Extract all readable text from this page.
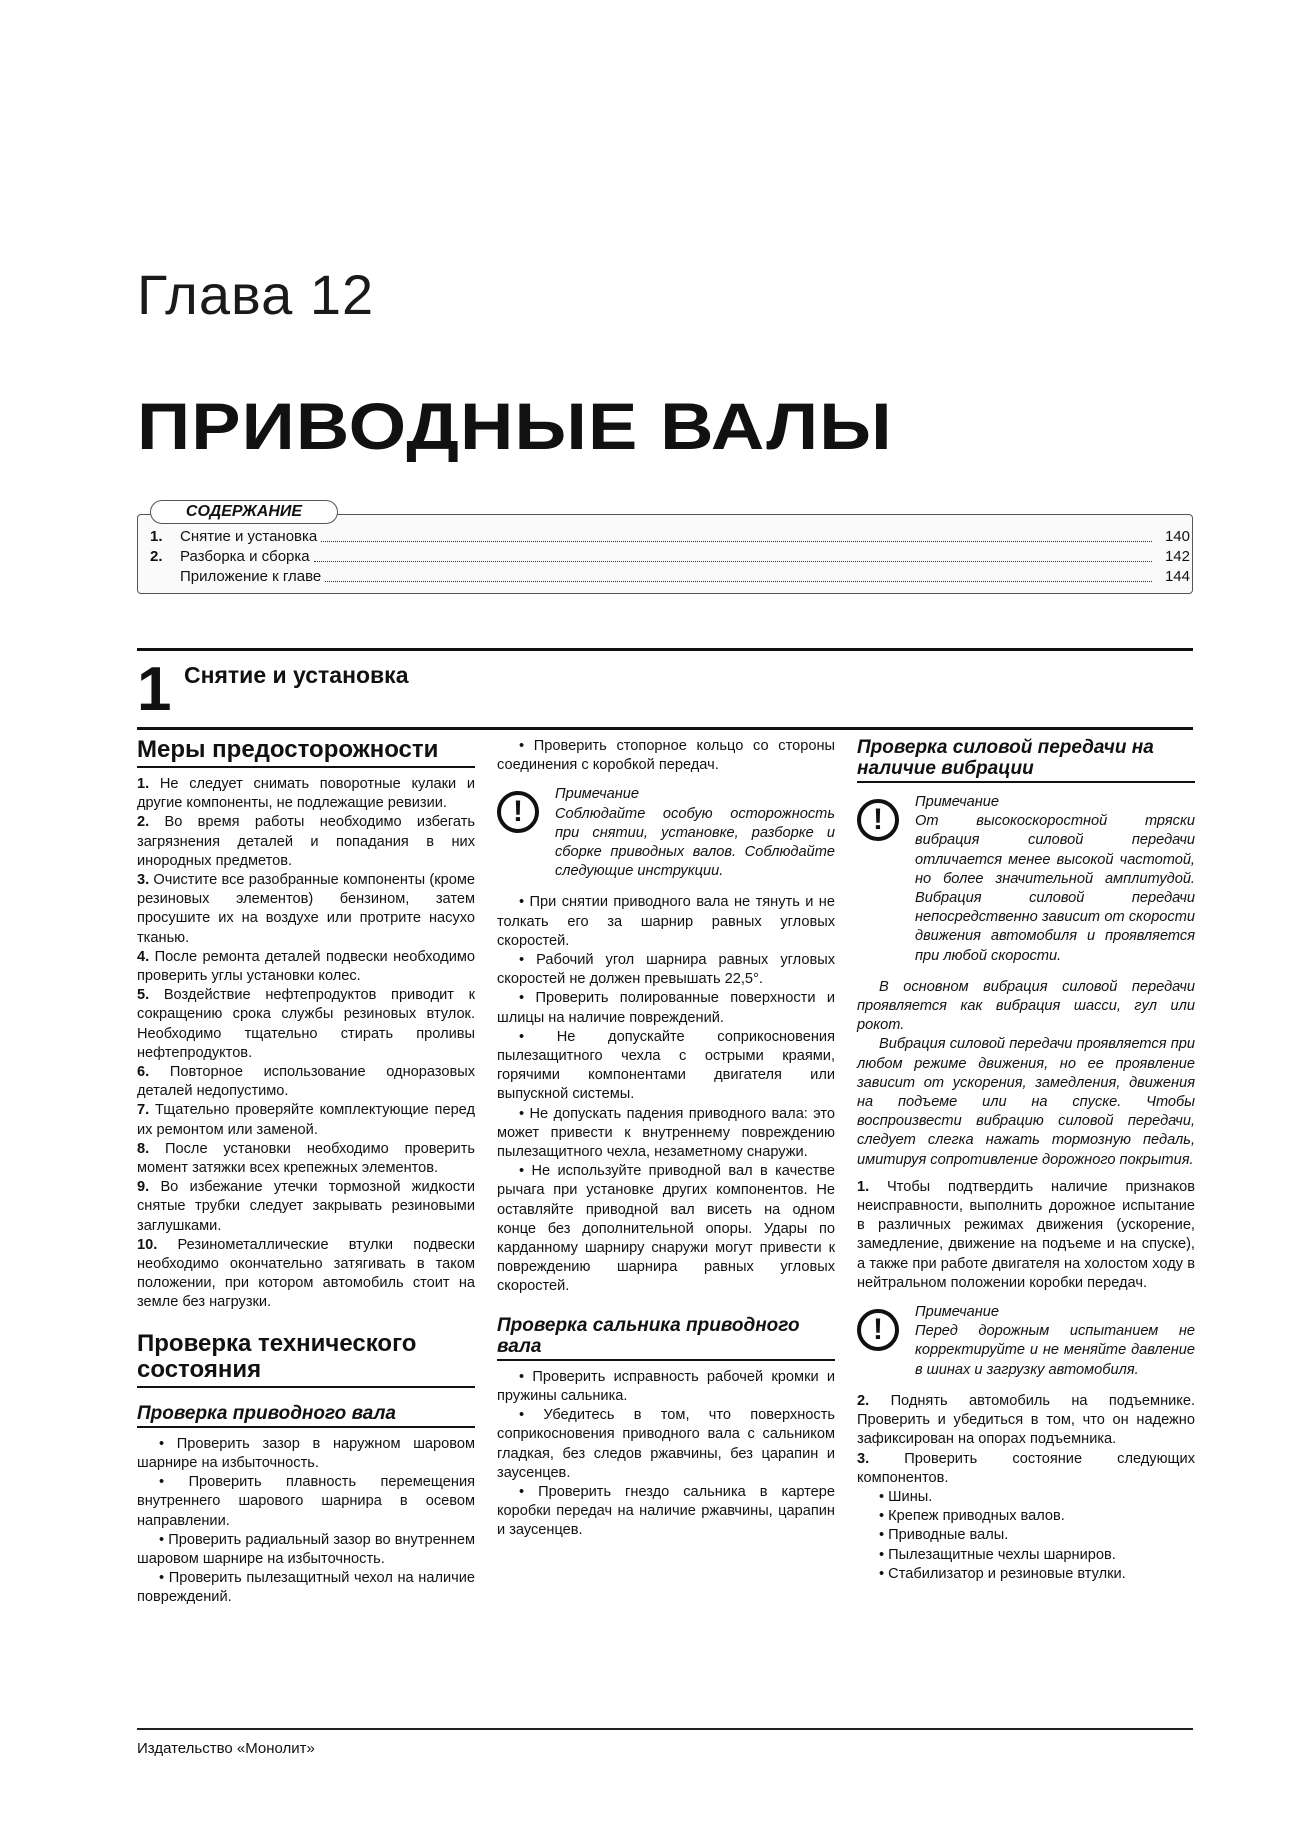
Глава 12
ПРИВОДНЫЕ ВАЛЫ
СОДЕРЖАНИЕ
1.	Снятие и установка	140
2.	Разборка и сборка	142
Приложение к главе	144
1 Снятие и установка
Меры предосторожности

1. Не следует снимать поворотные кулаки и другие компоненты, не подлежащие ревизии.

2. Во время работы необходимо избегать загрязнения деталей и попадания в них инородных предметов.

3. Очистите все разобранные компоненты (кроме резиновых элементов) бензином, затем просушите их на воздухе или протрите насухо тканью.

4. После ремонта деталей подвески необходимо проверить углы установки колес.

5. Воздействие нефтепродуктов приводит к сокращению срока службы резиновых втулок. Необходимо тщательно стирать проливы нефтепродуктов.

6. Повторное использование одноразовых деталей недопустимо.

7. Тщательно проверяйте комплектующие перед их ремонтом или заменой.

8. После установки необходимо проверить момент затяжки всех крепежных элементов.

9. Во избежание утечки тормозной жидкости снятые трубки следует закрывать резиновыми заглушками.

10. Резинометаллические втулки подвески необходимо окончательно затягивать в таком положении, при котором автомобиль стоит на земле без нагрузки.

Проверка технического состояния
Проверка приводного вала

• Проверить зазор в наружном шаровом шарнире на избыточность.

• Проверить плавность перемещения внутреннего шарового шарнира в осевом направлении.

• Проверить радиальный зазор во внутреннем шаровом шарнире на избыточность.

• Проверить пылезащитный чехол на наличие повреждений.

• Проверить стопорное кольцо со стороны соединения с коробкой передач.

!
Примечание

Соблюдайте особую осторожность при снятии, установке, разборке и сборке приводных валов. Соблюдайте следующие инструкции.

• При снятии приводного вала не тянуть и не толкать его за шарнир равных угловых скоростей.

• Рабочий угол шарнира равных угловых скоростей не должен превышать 22,5°.

• Проверить полированные поверхности и шлицы на наличие повреждений.

• Не допускайте соприкосновения пылезащитного чехла с острыми краями, горячими компонентами двигателя или выпускной системы.

• Не допускать падения приводного вала: это может привести к внутреннему повреждению пылезащитного чехла, незаметному снаружи.

• Не используйте приводной вал в качестве рычага при установке других компонентов. Не оставляйте приводной вал висеть на одном конце без дополнительной опоры. Удары по карданному шарниру снаружи могут привести к повреждению шарнира равных угловых скоростей.

Проверка сальника приводного вала

• Проверить исправность рабочей кромки и пружины сальника.

• Убедитесь в том, что поверхность соприкосновения приводного вала с сальником гладкая, без следов ржавчины, без царапин и заусенцев.

• Проверить гнездо сальника в картере коробки передач на наличие ржавчины, царапин и заусенцев.

Проверка силовой передачи на наличие вибрации
!
Примечание

От высокоскоростной тряски вибрация силовой передачи отличается менее высокой частотой, но более значительной амплитудой. Вибрация силовой передачи непосредственно зависит от скорости движения автомобиля и проявляется при любой скорости.

В основном вибрация силовой передачи проявляется как вибрация шасси, гул или рокот.

Вибрация силовой передачи проявляется при любом режиме движения, но ее проявление зависит от ускорения, замедления, движения на подъеме или на спуске. Чтобы воспроизвести вибрацию силовой передачи, следует слегка нажать тормозную педаль, имитируя сопротивление дорожного покрытия.

1. Чтобы подтвердить наличие признаков неисправности, выполнить дорожное испытание в различных режимах движения (ускорение, замедление, движение на подъеме и на спуске), а также при работе двигателя на холостом ходу в нейтральном положении коробки передач.

!
Примечание

Перед дорожным испытанием не корректируйте и не меняйте давление в шинах и загрузку автомобиля.

2. Поднять автомобиль на подъемнике. Проверить и убедиться в том, что он надежно зафиксирован на опорах подъемника.

3. Проверить состояние следующих компонентов.

• Шины.

• Крепеж приводных валов.

• Приводные валы.

• Пылезащитные чехлы шарниров.

• Стабилизатор и резиновые втулки.

Издательство «Монолит»
